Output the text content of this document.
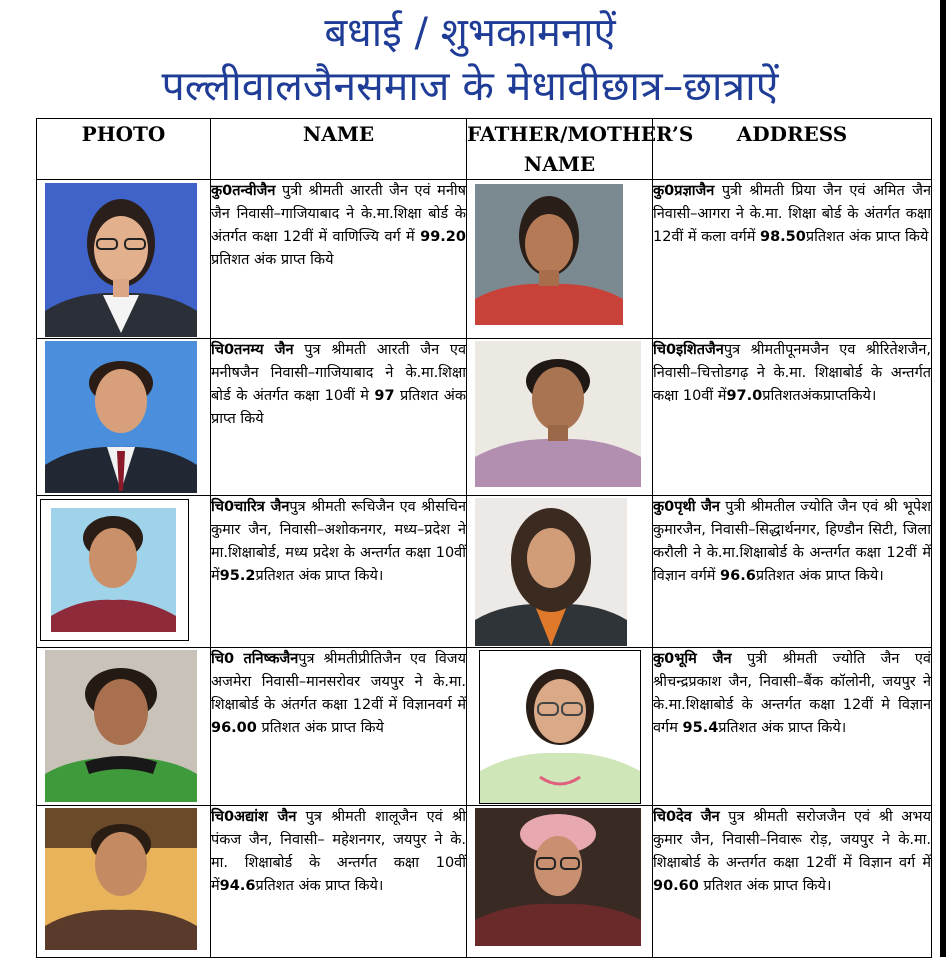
बधाई / शुभकामनाऐं
पल्लीवालजैनसमाज के मेधावीछात्र–छात्राऐं
PHOTO	NAME	FATHER/MOTHER’S NAME	ADDRESS

	कु0तन्वीजैन पुत्री श्रीमती आरती जैन एवं मनीष जैन निवासी–गाजियाबाद ने के.मा.शिक्षा बोर्ड के अंतर्गत कक्षा 12वीं में वाणिज्यि वर्ग में 99.20 प्रतिशत अंक प्राप्त किये		कु0प्रज्ञाजैन पुत्री श्रीमती प्रिया जैन एवं अमित जैन निवासी–आगरा ने के.मा. शिक्षा बोर्ड के अंतर्गत कक्षा 12वीं में कला वर्गमें 98.50प्रतिशत अंक प्राप्त किये

	चि0तनम्य जैन पुत्र श्रीमती आरती जैन एव मनीषजैन निवासी–गाजियाबाद ने के.मा.शिक्षा बोर्ड के अंतर्गत कक्षा 10वीं मे 97 प्रतिशत अंक प्राप्त किये		चि0इशितजैनपुत्र श्रीमतीपूनमजैन एव श्रीरितेशजैन, निवासी–चित्तोडगढ़ ने के.मा. शिक्षाबोर्ड के अन्तर्गत कक्षा 10वीं में97.0प्रतिशतअंकप्राप्तकिये।

	चि0चारित्र जैनपुत्र श्रीमती रूचिजैन एव श्रीसचिन कुमार जैन, निवासी–अशोकनगर, मध्य–प्रदेश ने मा.शिक्षाबोर्ड, मध्य प्रदेश के अन्तर्गत कक्षा 10वीं में95.2प्रतिशत अंक प्राप्त किये।		कु0पृथी जैन पुत्री श्रीमतील ज्योति जैन एवं श्री भूपेश कुमारजैन, निवासी–सिद्धार्थनगर, हिण्डौन सिटी, जिला करौली ने के.मा.शिक्षाबोर्ड के अन्तर्गत कक्षा 12वीं में विज्ञान वर्गमें 96.6प्रतिशत अंक प्राप्त किये।

	चि0 तनिष्कजैनपुत्र श्रीमतीप्रीतिजैन एव विजय अजमेरा निवासी–मानसरोवर जयपुर ने के.मा. शिक्षाबोर्ड के अंतर्गत कक्षा 12वीं में विज्ञानवर्ग में 96.00 प्रतिशत अंक प्राप्त किये		कु0भूमि जैन पुत्री श्रीमती ज्योति जैन एवं श्रीचन्द्रप्रकाश जैन, निवासी–बैंक कॉलोनी, जयपुर ने के.मा.शिक्षाबोर्ड के अन्तर्गत कक्षा 12वीं मे विज्ञान वर्गम 95.4प्रतिशत अंक प्राप्त किये।

	चि0अद्यांश जैन पुत्र श्रीमती शालूजैन एवं श्री पंकज जैन, निवासी– महेशनगर, जयपुर ने के. मा. शिक्षाबोर्ड के अन्तर्गत कक्षा 10वीं में94.6प्रतिशत अंक प्राप्त किये।		चि0देव जैन पुत्र श्रीमती सरोजजैन एवं श्री अभय कुमार जैन, निवासी–निवारू रोड़, जयपुर ने के.मा. शिक्षाबोर्ड के अन्तर्गत कक्षा 12वीं में विज्ञान वर्ग में 90.60 प्रतिशत अंक प्राप्त किये।
